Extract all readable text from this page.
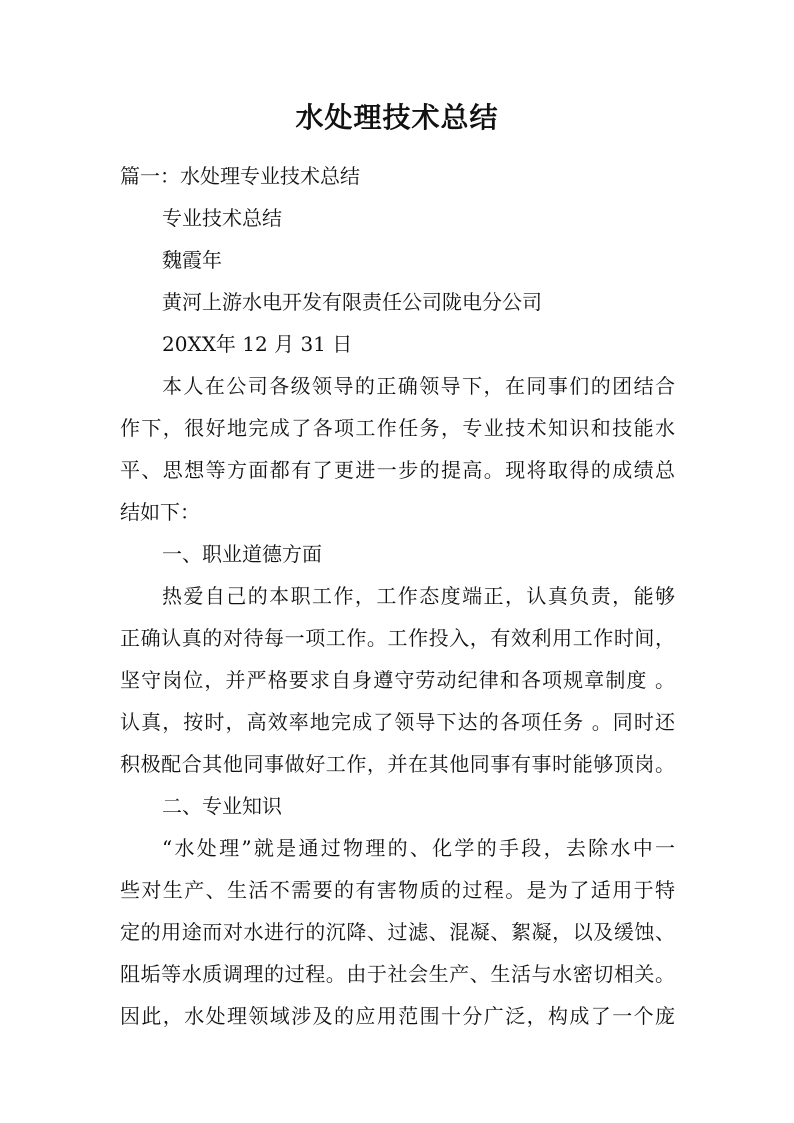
水处理技术总结
篇一：水处理专业技术总结
专业技术总结
魏霞年
黄河上游水电开发有限责任公司陇电分公司
20XX年 12 月 31 日
本人在公司各级领导的正确领导下，在同事们的团结合
作下，很好地完成了各项工作任务，专业技术知识和技能水
平、思想等方面都有了更进一步的提高。现将取得的成绩总
结如下：
一、职业道德方面
热爱自己的本职工作，工作态度端正，认真负责，能够
正确认真的对待每一项工作。工作投入，有效利用工作时间，
坚守岗位，并严格要求自身遵守劳动纪律和各项规章制度 。
认真，按时，高效率地完成了领导下达的各项任务 。同时还
积极配合其他同事做好工作，并在其他同事有事时能够顶岗。
二、专业知识
“水处理”就是通过物理的、化学的手段，去除水中一
些对生产、生活不需要的有害物质的过程。是为了适用于特
定的用途而对水进行的沉降、过滤、混凝、絮凝，以及缓蚀、
阻垢等水质调理的过程。由于社会生产、生活与水密切相关。
因此，水处理领域涉及的应用范围十分广泛，构成了一个庞
